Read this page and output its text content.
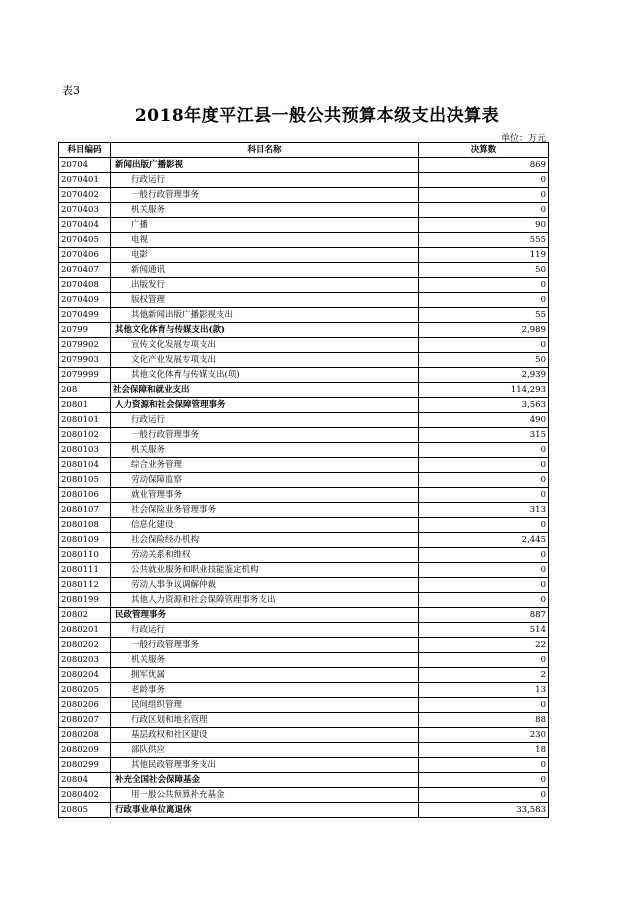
表3
2018年度平江县一般公共预算本级支出决算表
单位：万元
科目编码	科目名称	决算数
20704	新闻出版广播影视	869
2070401	行政运行	0
2070402	一般行政管理事务	0
2070403	机关服务	0
2070404	广播	90
2070405	电视	555
2070406	电影	119
2070407	新闻通讯	50
2070408	出版发行	0
2070409	版权管理	0
2070499	其他新闻出版广播影视支出	55
20799	其他文化体育与传媒支出(款)	2,989
2079902	宣传文化发展专项支出	0
2079903	文化产业发展专项支出	50
2079999	其他文化体育与传媒支出(项)	2,939
208	社会保障和就业支出	114,293
20801	人力资源和社会保障管理事务	3,563
2080101	行政运行	490
2080102	一般行政管理事务	315
2080103	机关服务	0
2080104	综合业务管理	0
2080105	劳动保障监察	0
2080106	就业管理事务	0
2080107	社会保险业务管理事务	313
2080108	信息化建设	0
2080109	社会保险经办机构	2,445
2080110	劳动关系和维权	0
2080111	公共就业服务和职业技能鉴定机构	0
2080112	劳动人事争议调解仲裁	0
2080199	其他人力资源和社会保障管理事务支出	0
20802	民政管理事务	887
2080201	行政运行	514
2080202	一般行政管理事务	22
2080203	机关服务	0
2080204	拥军优属	2
2080205	老龄事务	13
2080206	民间组织管理	0
2080207	行政区划和地名管理	88
2080208	基层政权和社区建设	230
2080209	部队供应	18
2080299	其他民政管理事务支出	0
20804	补充全国社会保障基金	0
2080402	用一般公共预算补充基金	0
20805	行政事业单位离退休	33,583
